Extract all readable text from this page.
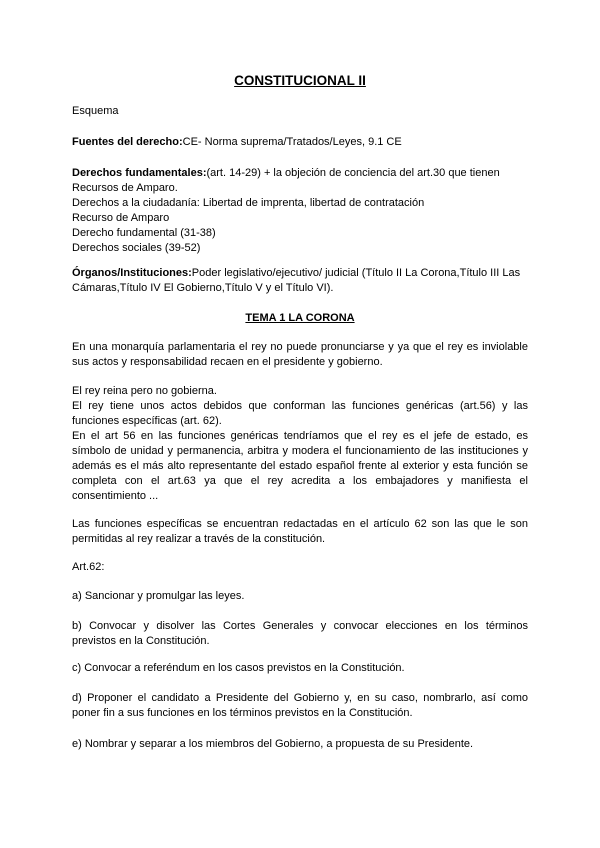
CONSTITUCIONAL II
Esquema
Fuentes del derecho:CE- Norma suprema/Tratados/Leyes, 9.1 CE
Derechos fundamentales:(art. 14-29) + la objeción de conciencia del art.30 que tienen
Recursos de Amparo.
Derechos a la ciudadanía: Libertad de imprenta, libertad de contratación
Recurso de Amparo
Derecho fundamental (31-38)
Derechos sociales (39-52)
Órganos/Instituciones:Poder legislativo/ejecutivo/ judicial (Título II La Corona,Título III Las
Cámaras,Título IV El Gobierno,Título V y el Título VI).
TEMA 1 LA CORONA
En una monarquía parlamentaria el rey no puede pronunciarse y ya que el rey es inviolable
sus actos y responsabilidad recaen en el presidente y gobierno.
El rey reina pero no gobierna.
El rey tiene unos actos debidos que conforman las funciones genéricas (art.56) y las
funciones específicas (art. 62).
En el art 56 en las funciones genéricas tendríamos que el rey es el jefe de estado, es
símbolo de unidad y permanencia, arbitra y modera el funcionamiento de las instituciones y
además es el más alto representante del estado español frente al exterior y esta función se
completa con el art.63 ya que el rey acredita a los embajadores y manifiesta el
consentimiento ...
Las funciones específicas se encuentran redactadas en el artículo 62 son las que le son
permitidas al rey realizar a través de la constitución.
Art.62:
a) Sancionar y promulgar las leyes.
b) Convocar y disolver las Cortes Generales y convocar elecciones en los términos
previstos en la Constitución.
c) Convocar a referéndum en los casos previstos en la Constitución.
d) Proponer el candidato a Presidente del Gobierno y, en su caso, nombrarlo, así como
poner fin a sus funciones en los términos previstos en la Constitución.
e) Nombrar y separar a los miembros del Gobierno, a propuesta de su Presidente.
